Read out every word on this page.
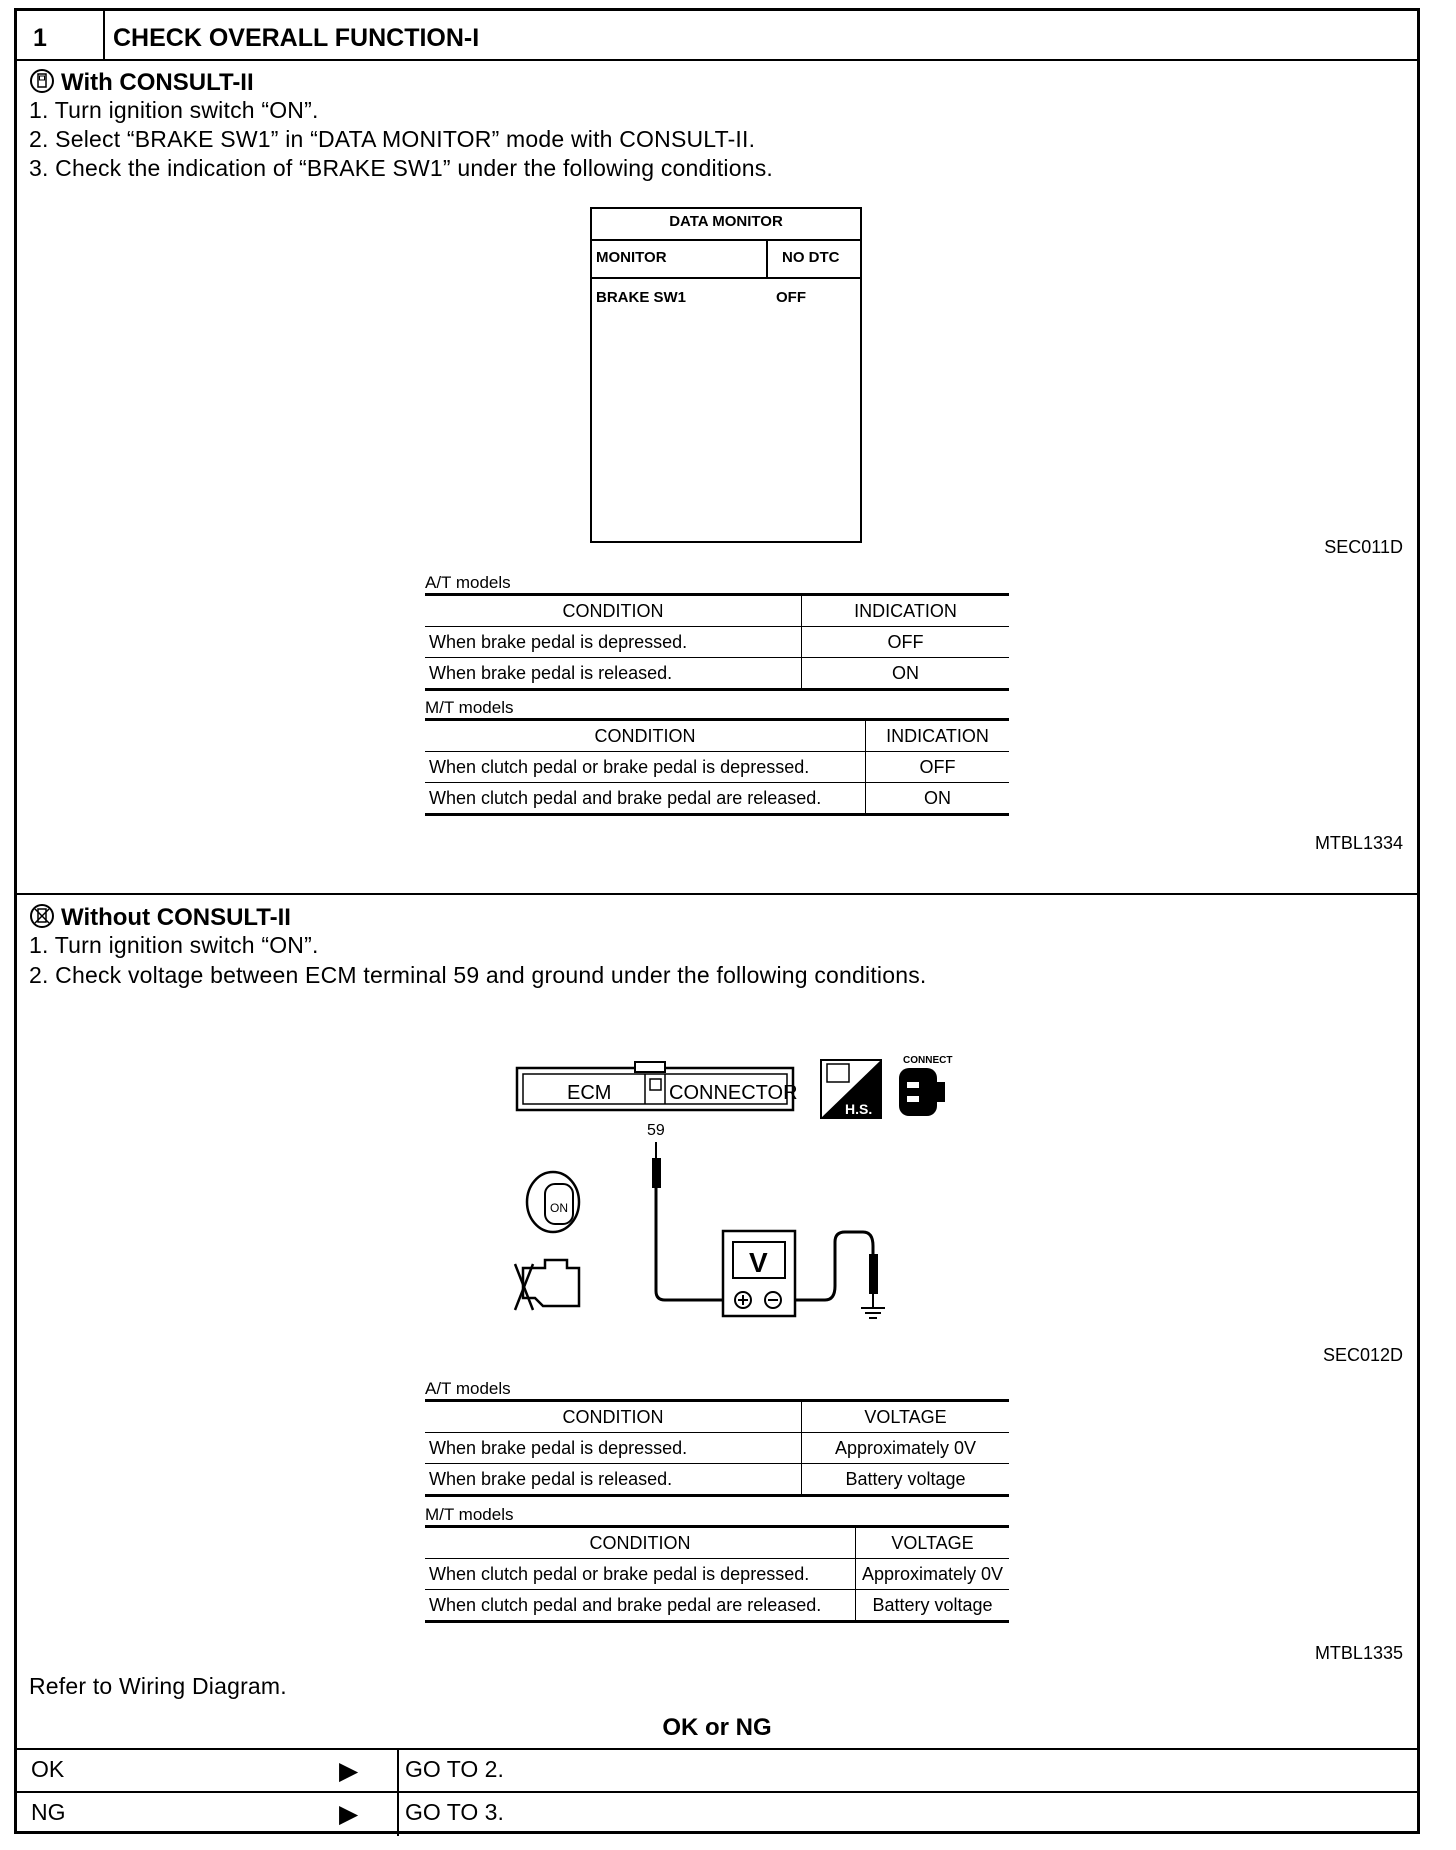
1	CHECK OVERALL FUNCTION-I
With CONSULT-II
1. Turn ignition switch “ON”.
2. Select “BRAKE SW1” in “DATA MONITOR” mode with CONSULT-II.
3. Check the indication of “BRAKE SW1” under the following conditions.
DATA MONITOR
MONITOR	NO DTC
BRAKE SW1	OFF
SEC011D
A/T models
CONDITION	INDICATION
When brake pedal is depressed.	OFF
When brake pedal is released.	ON
M/T models
CONDITION	INDICATION
When clutch pedal or brake pedal is depressed.	OFF
When clutch pedal and brake pedal are released.	ON
MTBL1334
Without CONSULT-II
1. Turn ignition switch “ON”.
2. Check voltage between ECM terminal 59 and ground under the following conditions.
ECM	CONNECTOR
59
V
H.S.
CONNECT
ON
SEC012D
A/T models
CONDITION	VOLTAGE
When brake pedal is depressed.	Approximately 0V
When brake pedal is released.	Battery voltage
M/T models
CONDITION	VOLTAGE
When clutch pedal or brake pedal is depressed.	Approximately 0V
When clutch pedal and brake pedal are released.	Battery voltage
MTBL1335
Refer to Wiring Diagram.
OK or NG
OK	▶ GO TO 2.
NG	▶ GO TO 3.
